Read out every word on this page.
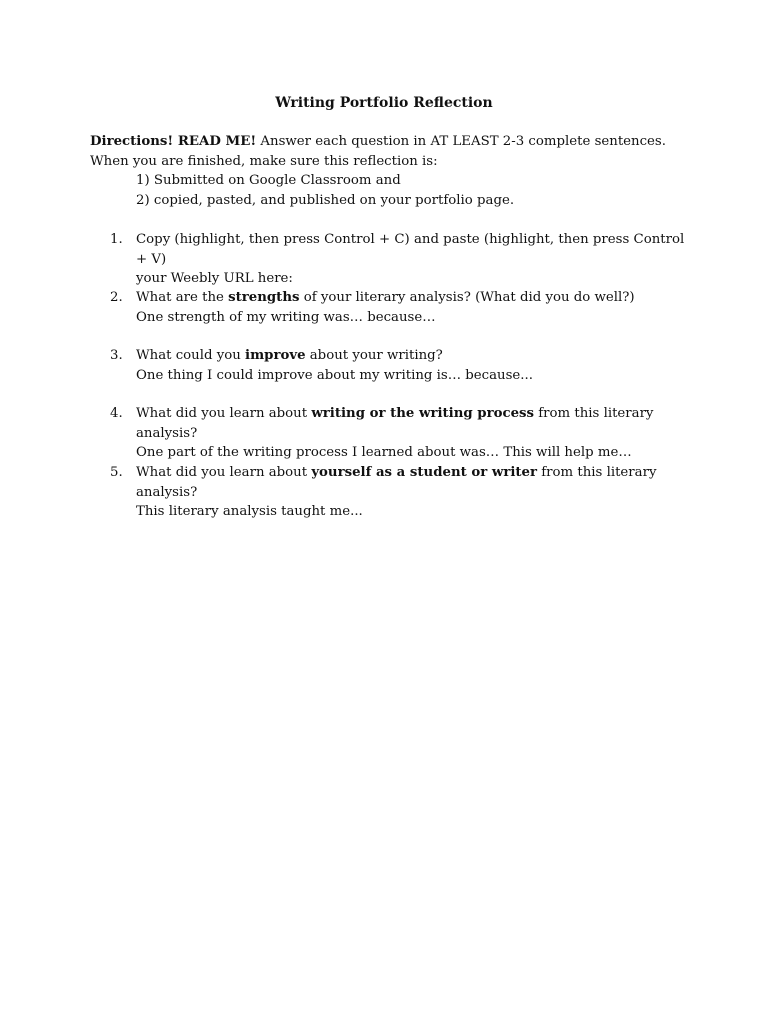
Writing Portfolio Reflection
Directions! READ ME! Answer each question in AT LEAST 2-3 complete sentences. When you are finished, make sure this reflection is:
1) Submitted on Google Classroom and
2) copied, pasted, and published on your portfolio page.
1.	Copy (highlight, then press Control + C) and paste (highlight, then press Control + V)
your Weebly URL here:
2.	What are the strengths of your literary analysis? (What did you do well?)
One strength of my writing was… because…
3.	What could you improve about your writing?
One thing I could improve about my writing is… because...
4.	What did you learn about writing or the writing process from this literary analysis?
One part of the writing process I learned about was… This will help me…
5.	What did you learn about yourself as a student or writer from this literary analysis?
This literary analysis taught me...
